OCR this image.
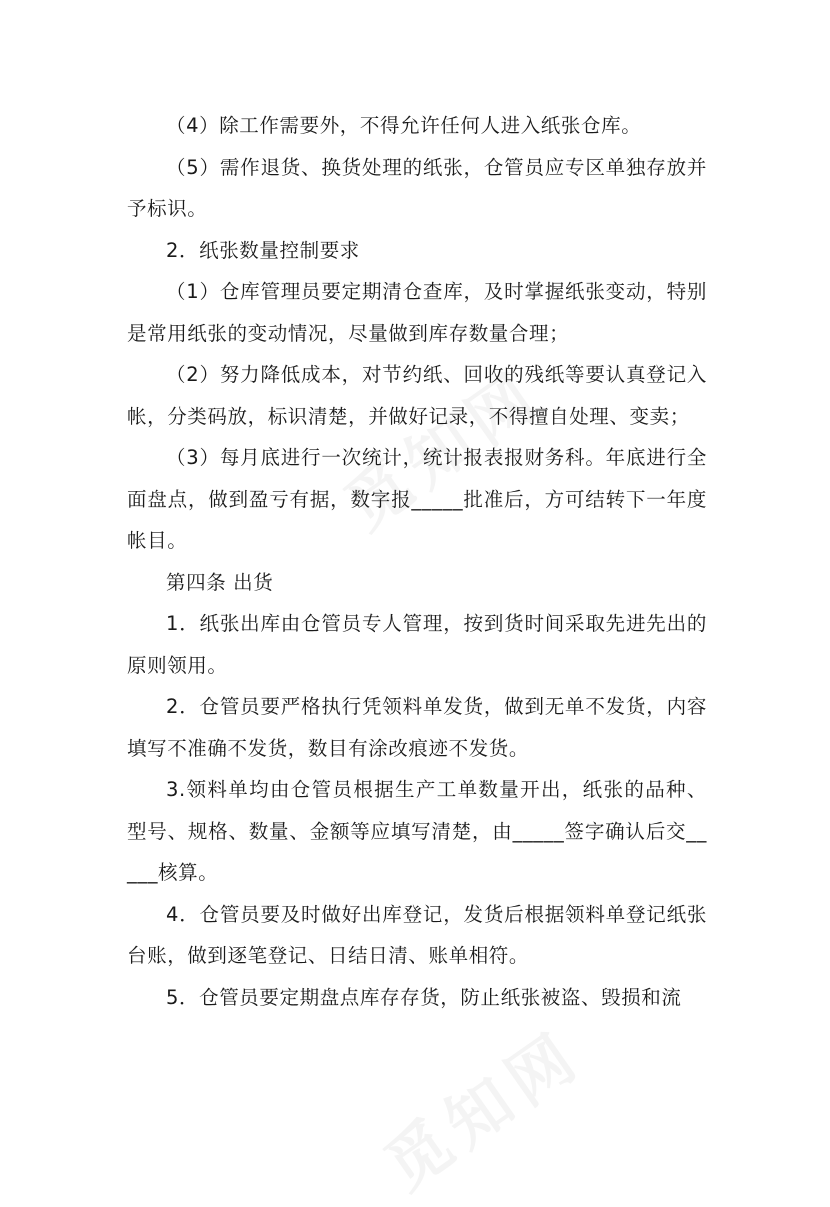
（4）除工作需要外，不得允许任何人进入纸张仓库。

（5）需作退货、换货处理的纸张，仓管员应专区单独存放并予标识。

2．纸张数量控制要求

（1）仓库管理员要定期清仓查库，及时掌握纸张变动，特别是常用纸张的变动情况，尽量做到库存数量合理；

（2）努力降低成本，对节约纸、回收的残纸等要认真登记入帐，分类码放，标识清楚，并做好记录，不得擅自处理、变卖；

（3）每月底进行一次统计，统计报表报财务科。年底进行全面盘点，做到盈亏有据，数字报_____批准后，方可结转下一年度帐目。

第四条 出货

1．纸张出库由仓管员专人管理，按到货时间采取先进先出的原则领用。

2．仓管员要严格执行凭领料单发货，做到无单不发货，内容填写不准确不发货，数目有涂改痕迹不发货。

3.领料单均由仓管员根据生产工单数量开出，纸张的品种、型号、规格、数量、金额等应填写清楚，由_____签字确认后交_____核算。

4．仓管员要及时做好出库登记，发货后根据领料单登记纸张台账，做到逐笔登记、日结日清、账单相符。

5．仓管员要定期盘点库存存货，防止纸张被盗、毁损和流
